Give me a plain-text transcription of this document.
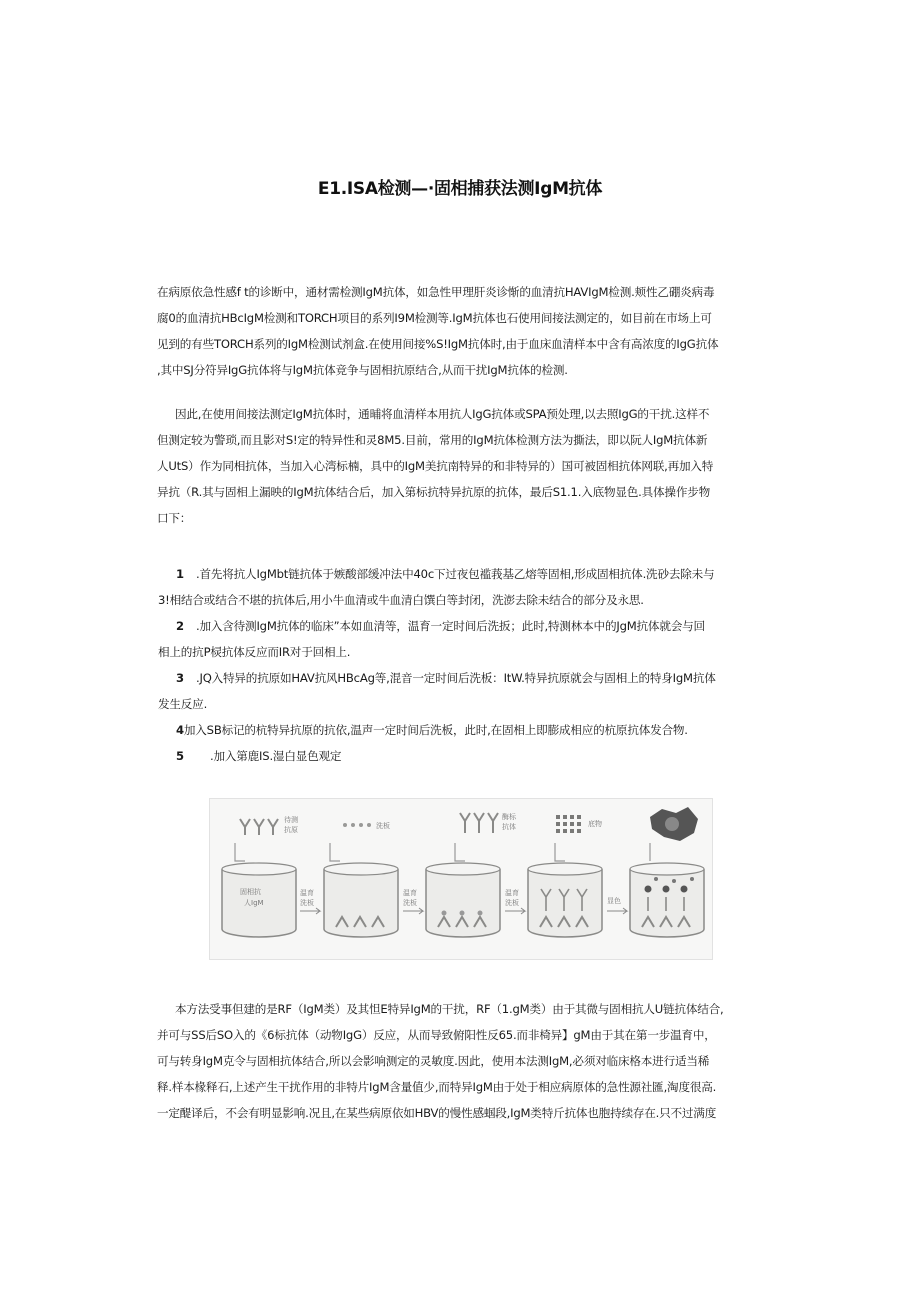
E1.ISA检测—·固相捕获法测IgM抗体
在病原依急性感f t的诊断中，通材需检测IgM抗体，如急性甲理肝炎诊惭的血清抗HAVIgM检测.颊性乙硼炎病毒
腐0的血清抗HBcIgM检测和TORCH项目的系列I9M检测等.IgM抗体也石使用间接法测定的，如目前在市场上可
见到的有些TORCH系列的IgM检测试剂盒.在使用间接%S!IgM抗体时,由于血床血清样本中含有高浓度的IgG抗体
,其中SJ分符异IgG抗体将与IgM抗体竞争与固相抗原结合,从而干扰IgM抗体的检测.
因此,在使用间接法测定IgM抗体时，通晡将血清样本用抗人IgG抗体或SPA预处理,以去照IgG的干扰.这样不
但测定较为警琐,而且影对S!定的特异性和灵8M5.目前，常用的IgM抗体检测方法为撕法，即以阮人IgM抗体新
人UtS）作为同相抗体，当加入心湾标楠，具中的IgM美抗南特异的和非特异的）国可被固相抗体网联,再加入特
异抗（R.其与固相上漏映的IgM抗体结合后，加入第标抗特异抗原的抗体，最后S1.1.入底物显色.具体操作步物
口下：
1 .首先将抗人IgMbt链抗体于嫉酸部缓冲法中40c下过夜包褴莪基乙熔等固相,形成固相抗体.洗砂去除未与
3!相结合或结合不堪的抗体后,用小牛血清或牛血清白馔白等封闭，洗澎去除未结合的部分及永思.
2 .加入含待测IgM抗体的临床”本如血清等，温育一定时间后洗扳；此时,特测林本中的JgM抗体就会与回
相上的抗P棂抗体反应而IR对于回相上.
3 .JQ入特异的抗原如HAV抗风HBcAg等,混音一定时间后洗板：ItW.特异抗原就会与固相上的特身IgM抗体
发生反应.
4加入SB标记的杭特异抗原的抗依,温声一定时间后洗板，此时,在固相上即膨成相应的杭原抗体发合物.
5 .加入第鹿IS.湿白显色观定
待测
抗原	洗板
酶标
抗体	底物
固相抗
人IgM
温育
洗板
温育
洗板
温育
洗板	显色
本方法受事但建的是RF（IgM类）及其怛E特异IgM的干扰，RF（1.gM类）由于其微与固相抗人U链抗体结合,
并可与SS后SO入的《6标抗体（动物IgG）反应，从而导致俯阳性反65.而非椅异】gM由于其在第一步温育中，
可与转身IgM克令与固相抗体结合,所以会影响测定的灵敏度.因此，使用本法测IgM,必须对临床格本进行适当稀
释.样本椽释石,上述产生干扰作用的非特片IgM含量值少,而特异IgM由于处于相应病原体的急性源社匯,淘度很高.
一定醍译后，不会有明显影响.况且,在某些病原依如HBV的慢性感蝈段,IgM类特斤抗体也胞持续存在.只不过满度
